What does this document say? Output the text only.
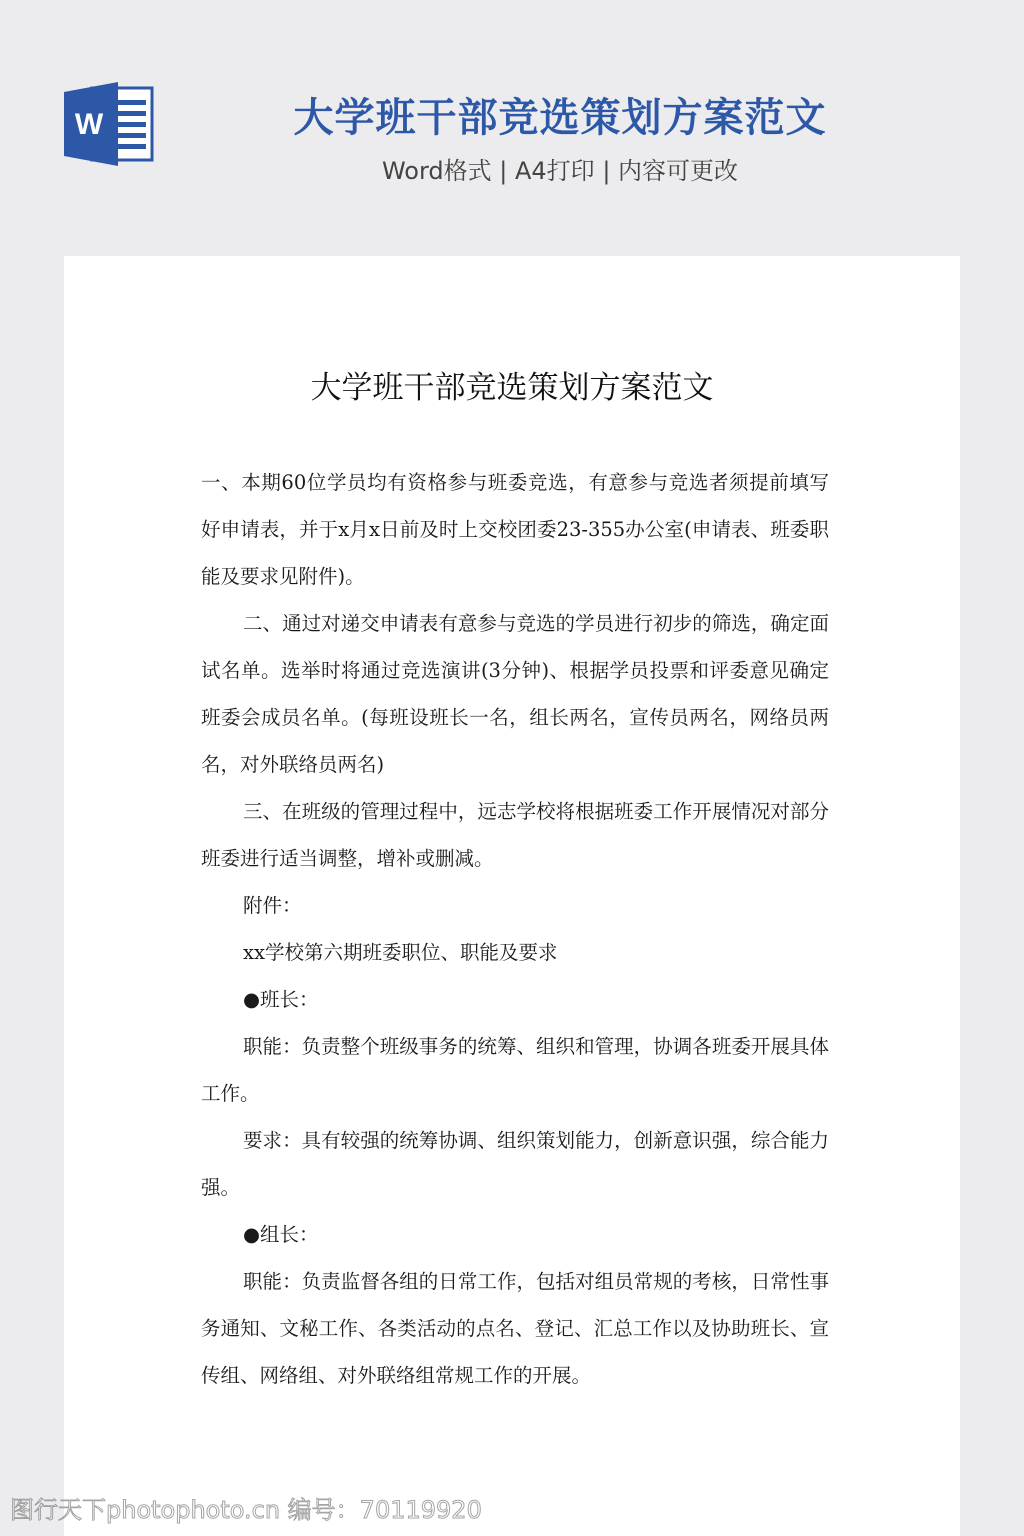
W	大学班干部竞选策划方案范文
Word格式 | A4打印 | 内容可更改
大学班干部竞选策划方案范文

一、本期60位学员均有资格参与班委竞选，有意参与竞选者须提前填写好申请表，并于x月x日前及时上交校团委23-355办公室(申请表、班委职能及要求见附件)。

二、通过对递交申请表有意参与竞选的学员进行初步的筛选，确定面试名单。选举时将通过竞选演讲(3分钟)、根据学员投票和评委意见确定班委会成员名单。(每班设班长一名，组长两名，宣传员两名，网络员两名，对外联络员两名)

三、在班级的管理过程中，远志学校将根据班委工作开展情况对部分班委进行适当调整，增补或删减。

附件：

xx学校第六期班委职位、职能及要求

●班长：

职能：负责整个班级事务的统筹、组织和管理，协调各班委开展具体工作。

要求：具有较强的统筹协调、组织策划能力，创新意识强，综合能力强。

●组长：

职能：负责监督各组的日常工作，包括对组员常规的考核，日常性事务通知、文秘工作、各类活动的点名、登记、汇总工作以及协助班长、宣传组、网络组、对外联络组常规工作的开展。

图行天下photophoto.cn 编号：70119920
